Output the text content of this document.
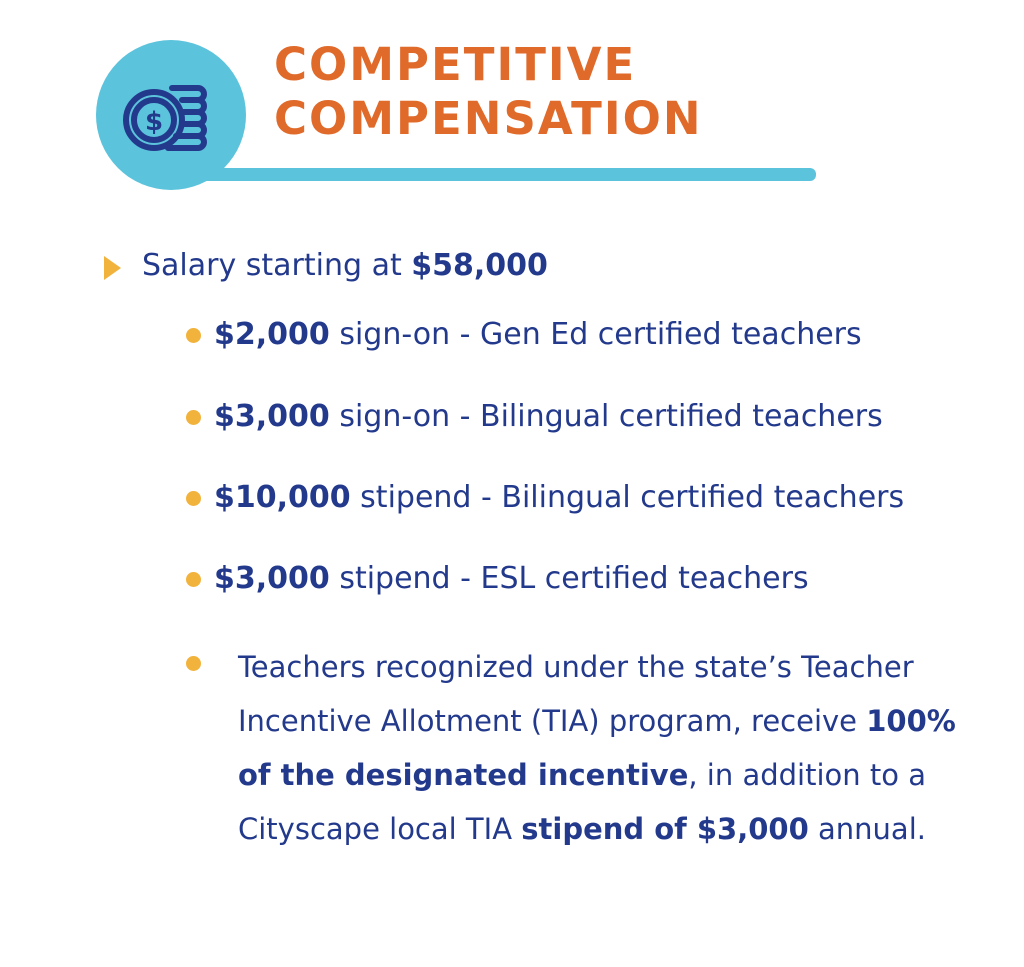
$
COMPETITIVE
COMPENSATION
Salary starting at $58,000
$2,000 sign-on - Gen Ed certified teachers
$3,000 sign-on - Bilingual certified teachers
$10,000 stipend - Bilingual certified teachers
$3,000 stipend - ESL certified teachers
Teachers recognized under the state’s Teacher Incentive Allotment (TIA) program, receive 100% of the designated incentive, in addition to a Cityscape local TIA stipend of $3,000 annual.
